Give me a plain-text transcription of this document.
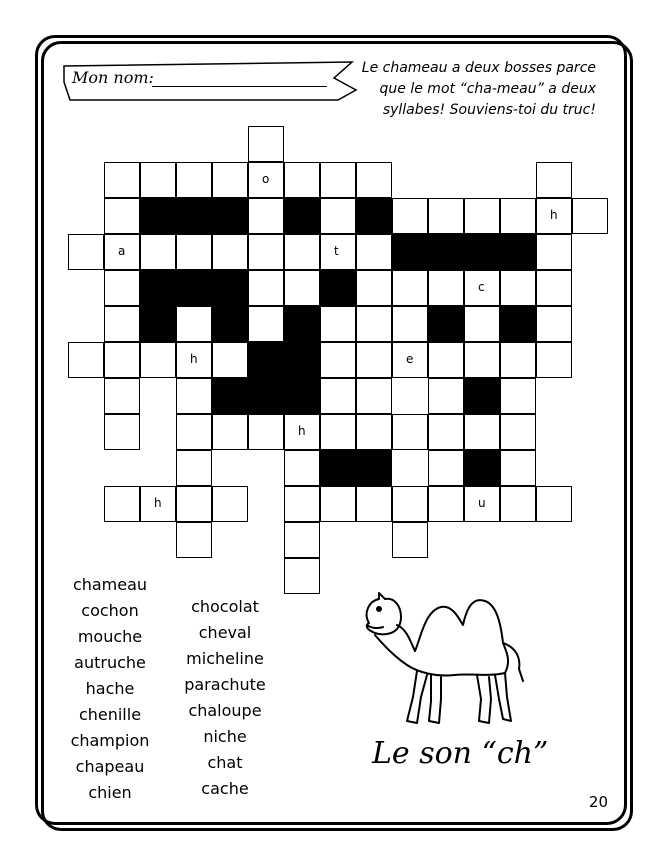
Mon nom:	Le chameau a deux bosses parce
que le mot “cha-meau” a deux
syllabes! Souviens-toi du truc!
o
h
a	t
c
h	e
h
h	u
chameau
cochon
mouche
autruche
hache
chenille
champion
chapeau
chien
chocolat
cheval
micheline
parachute
chaloupe
niche
chat
cache
Le son “ch”
20
